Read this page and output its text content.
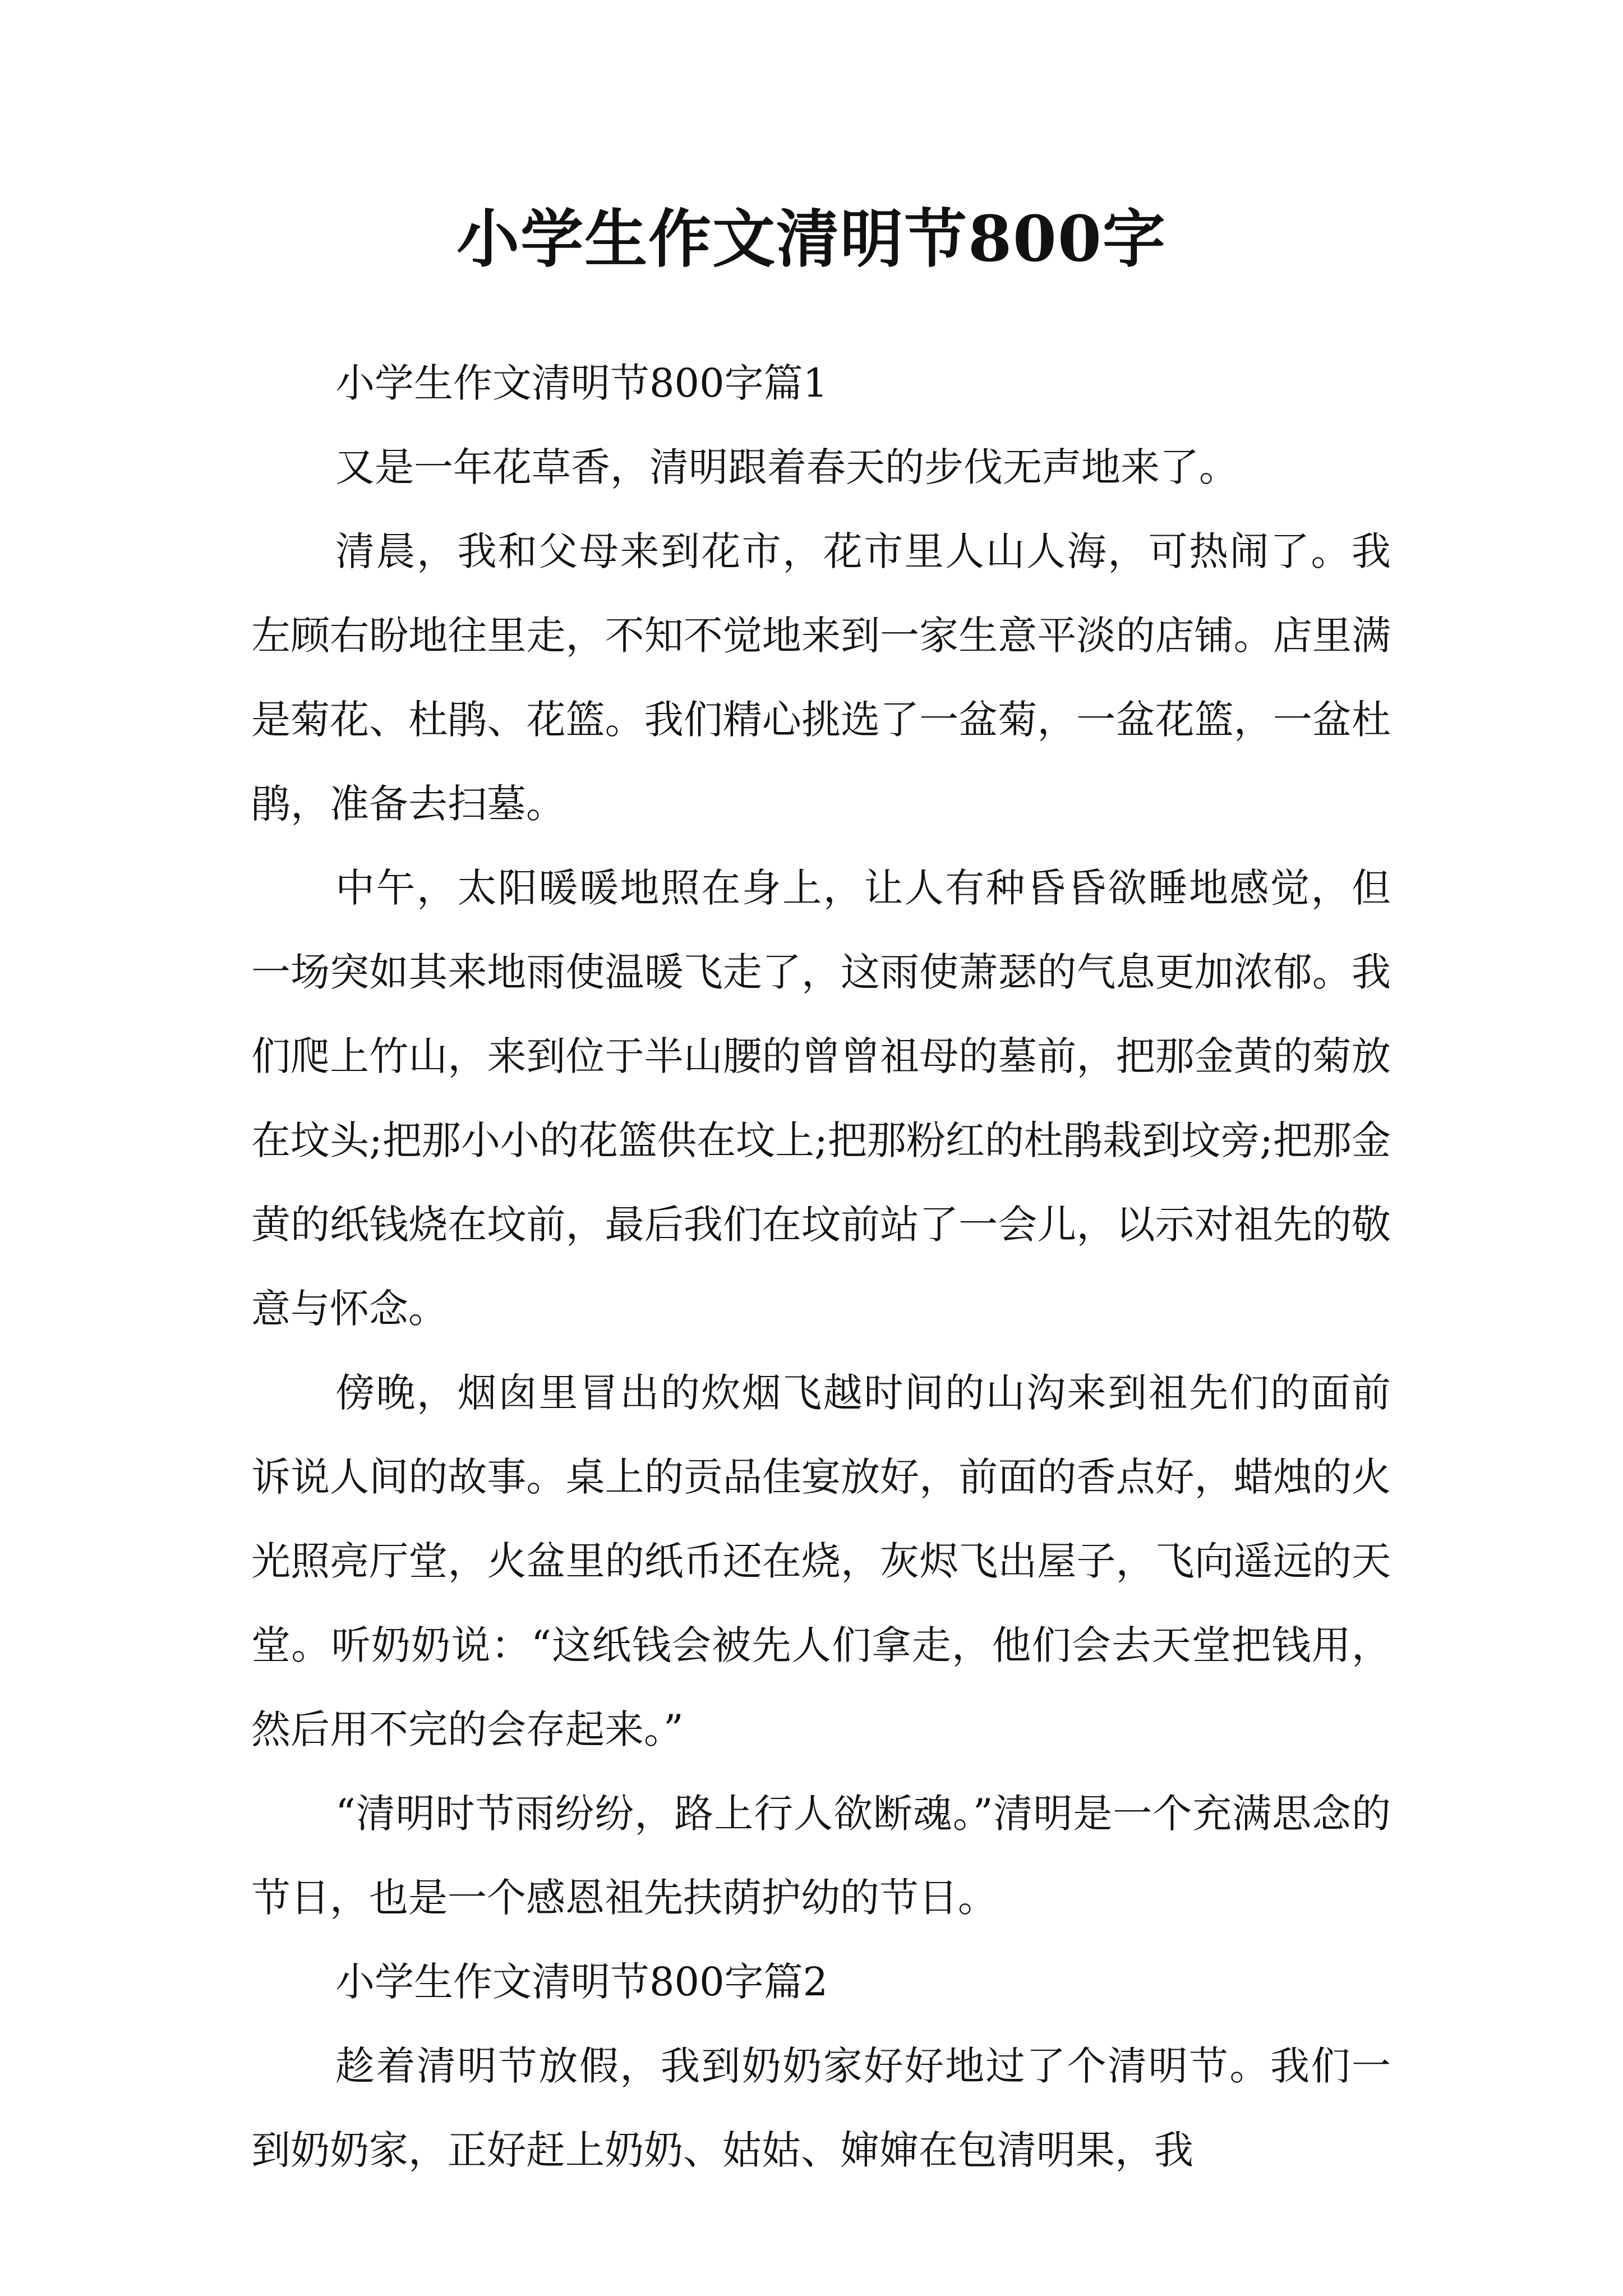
小学生作文清明节800字

小学生作文清明节800字篇1

又是一年花草香，清明跟着春天的步伐无声地来了。

清晨，我和父母来到花市，花市里人山人海，可热闹了。我左顾右盼地往里走，不知不觉地来到一家生意平淡的店铺。店里满是菊花、杜鹃、花篮。我们精心挑选了一盆菊，一盆花篮，一盆杜鹃，准备去扫墓。

中午，太阳暖暖地照在身上，让人有种昏昏欲睡地感觉，但一场突如其来地雨使温暖飞走了，这雨使萧瑟的气息更加浓郁。我们爬上竹山，来到位于半山腰的曾曾祖母的墓前，把那金黄的菊放在坟头;把那小小的花篮供在坟上;把那粉红的杜鹃栽到坟旁;把那金黄的纸钱烧在坟前，最后我们在坟前站了一会儿，以示对祖先的敬意与怀念。

傍晚，烟囱里冒出的炊烟飞越时间的山沟来到祖先们的面前诉说人间的故事。桌上的贡品佳宴放好，前面的香点好，蜡烛的火光照亮厅堂，火盆里的纸币还在烧，灰烬飞出屋子，飞向遥远的天堂。听奶奶说：“这纸钱会被先人们拿走，他们会去天堂把钱用，然后用不完的会存起来。”

“清明时节雨纷纷，路上行人欲断魂。”清明是一个充满思念的节日，也是一个感恩祖先扶荫护幼的节日。

小学生作文清明节800字篇2

趁着清明节放假，我到奶奶家好好地过了个清明节。我们一到奶奶家，正好赶上奶奶、姑姑、婶婶在包清明果，我
